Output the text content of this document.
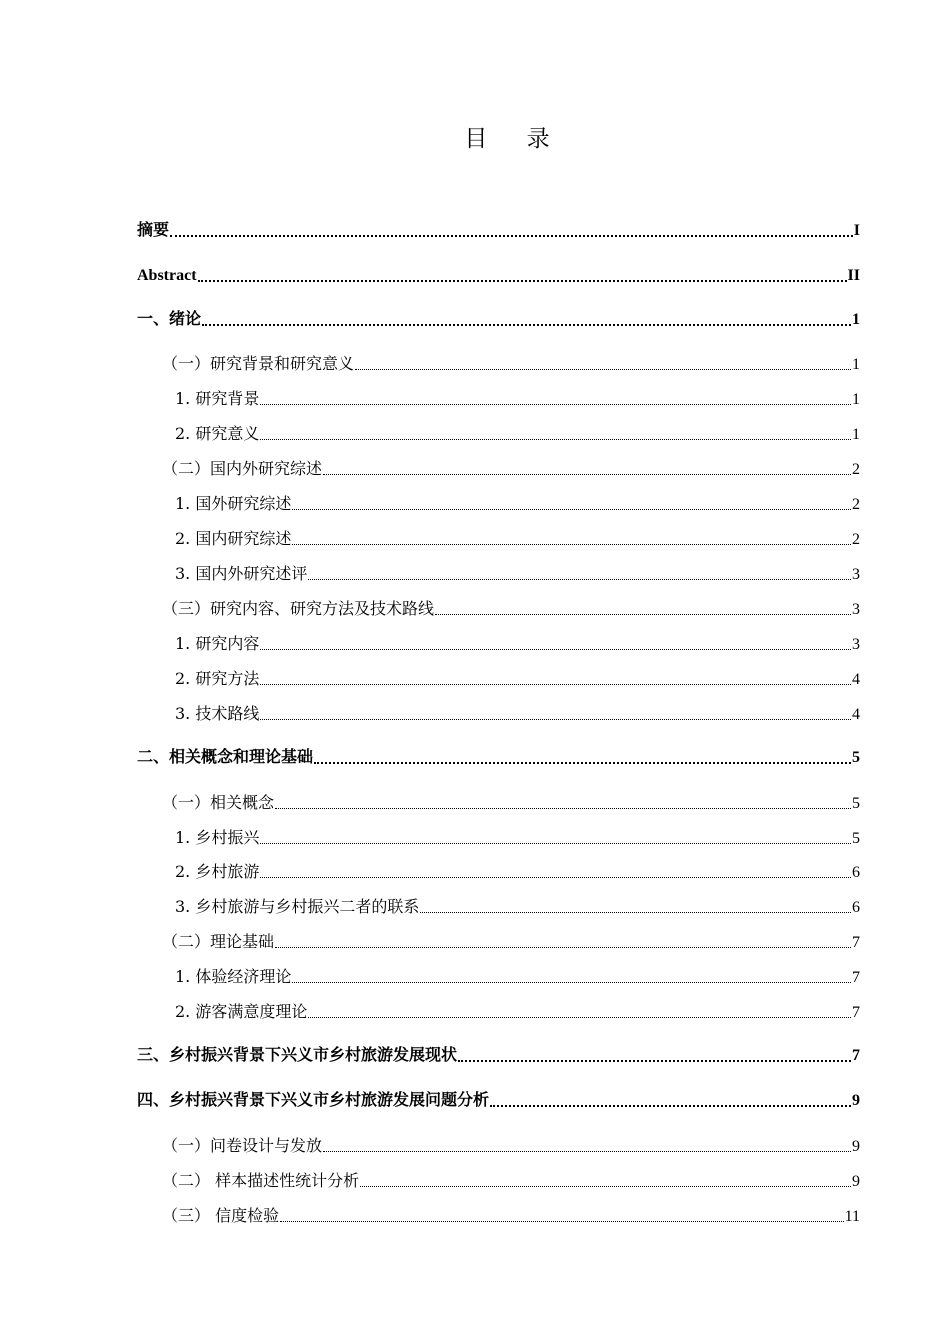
目 录
摘要	I
Abstract	II
一、绪论	1
（一）研究背景和研究意义	1
1. 研究背景	1
2. 研究意义	1
（二）国内外研究综述	2
1. 国外研究综述	2
2. 国内研究综述	2
3. 国内外研究述评	3
（三）研究内容、研究方法及技术路线	3
1. 研究内容	3
2. 研究方法	4
3. 技术路线	4
二、相关概念和理论基础	5
（一）相关概念	5
1. 乡村振兴	5
2. 乡村旅游	6
3. 乡村旅游与乡村振兴二者的联系	6
（二）理论基础	7
1. 体验经济理论	7
2. 游客满意度理论	7
三、乡村振兴背景下兴义市乡村旅游发展现状	7
四、乡村振兴背景下兴义市乡村旅游发展问题分析	9
（一）问卷设计与发放	9
（二） 样本描述性统计分析	9
（三） 信度检验	11
